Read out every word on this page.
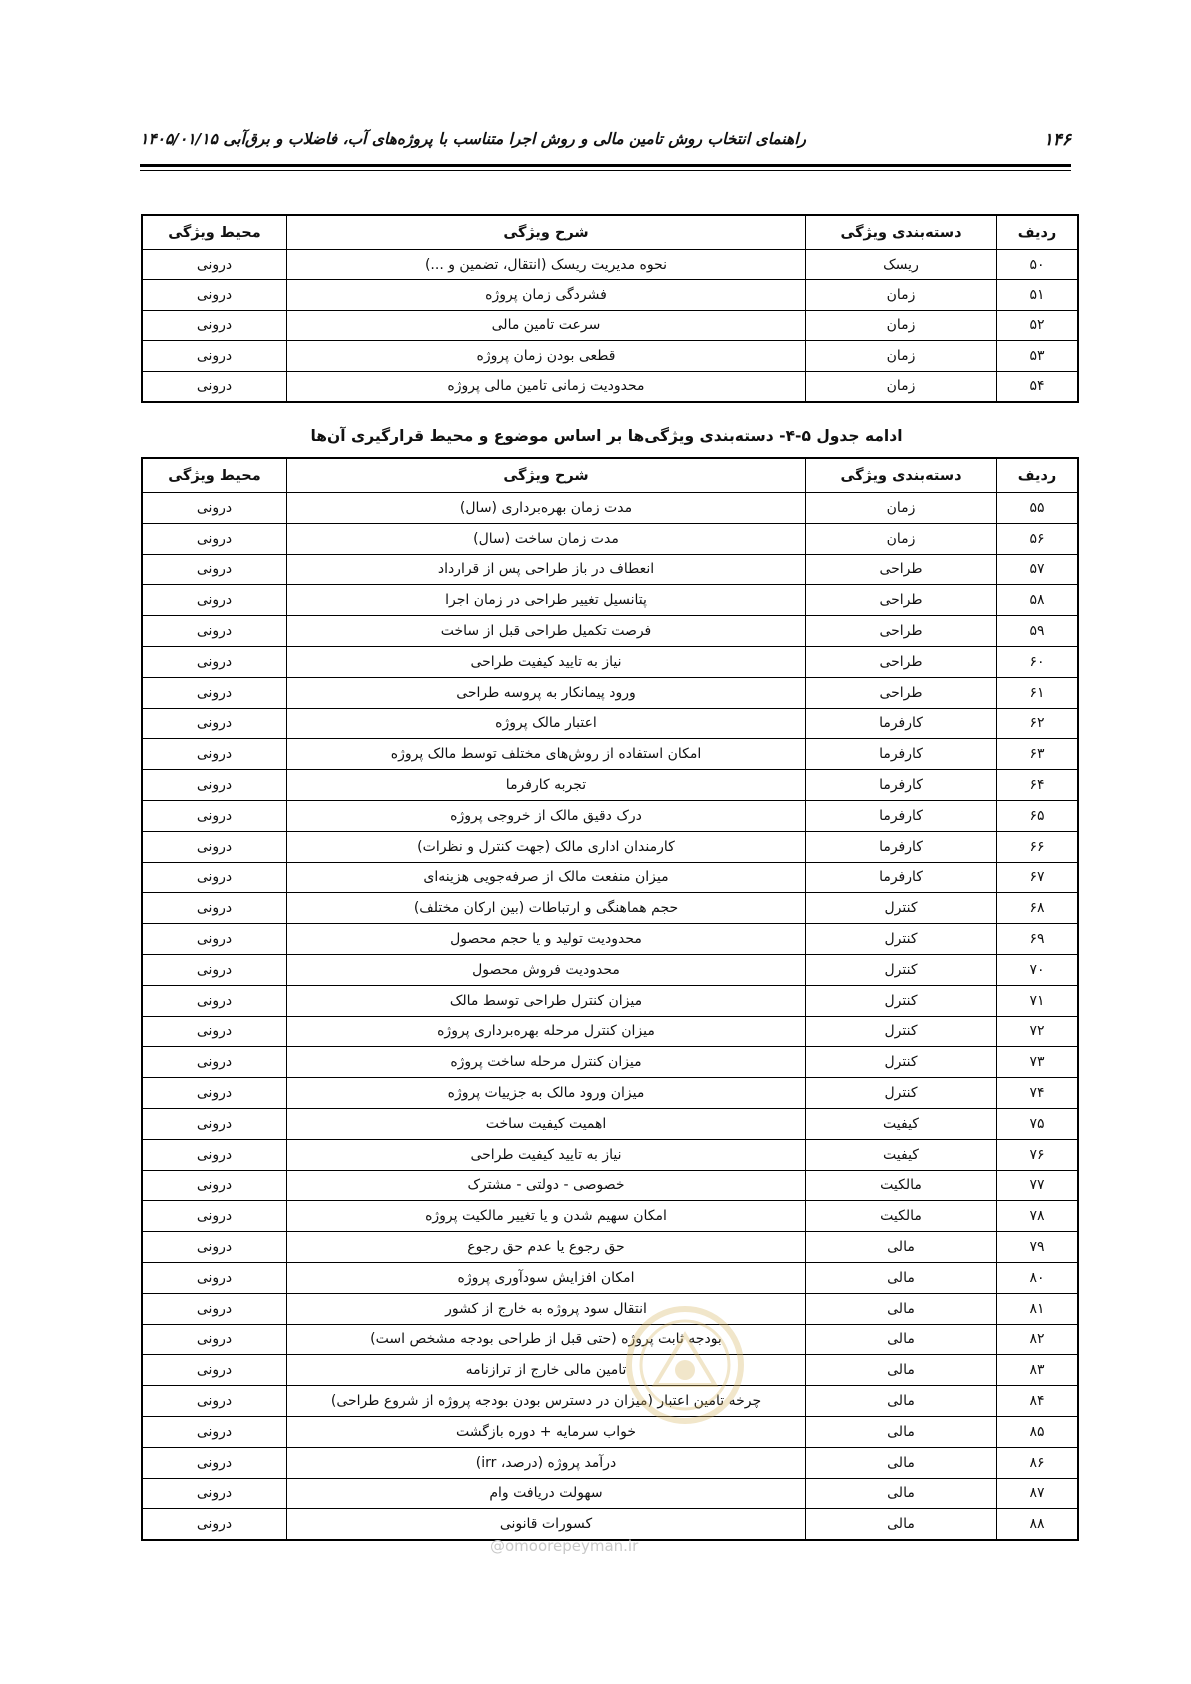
۱۴۶
راهنمای انتخاب روش تامین مالی و روش اجرا متناسب با پروژه‌های آب، فاضلاب و برق‌آبی ۱۴۰۵/۰۱/۱۵
ردیف	دسته‌بندی ویژگی	شرح ویژگی	محیط ویژگی
۵۰	ریسک	نحوه مدیریت ریسک (انتقال، تضمین و ...)	درونی
۵۱	زمان	فشردگی زمان پروژه	درونی
۵۲	زمان	سرعت تامین مالی	درونی
۵۳	زمان	قطعی بودن زمان پروژه	درونی
۵۴	زمان	محدودیت زمانی تامین مالی پروژه	درونی
ادامه جدول ۵-۴- دسته‌بندی ویژگی‌ها بر اساس موضوع و محیط قرارگیری آن‌ها
ردیف	دسته‌بندی ویژگی	شرح ویژگی	محیط ویژگی
۵۵	زمان	مدت زمان بهره‌برداری (سال)	درونی
۵۶	زمان	مدت زمان ساخت (سال)	درونی
۵۷	طراحی	انعطاف در باز طراحی پس از قرارداد	درونی
۵۸	طراحی	پتانسیل تغییر طراحی در زمان اجرا	درونی
۵۹	طراحی	فرصت تکمیل طراحی قبل از ساخت	درونی
۶۰	طراحی	نیاز به تایید کیفیت طراحی	درونی
۶۱	طراحی	ورود پیمانکار به پروسه طراحی	درونی
۶۲	کارفرما	اعتبار مالک پروژه	درونی
۶۳	کارفرما	امکان استفاده از روش‌های مختلف توسط مالک پروژه	درونی
۶۴	کارفرما	تجربه کارفرما	درونی
۶۵	کارفرما	درک دقیق مالک از خروجی پروژه	درونی
۶۶	کارفرما	کارمندان اداری مالک (جهت کنترل و نظرات)	درونی
۶۷	کارفرما	میزان منفعت مالک از صرفه‌جویی هزینه‌ای	درونی
۶۸	کنترل	حجم هماهنگی و ارتباطات (بین ارکان مختلف)	درونی
۶۹	کنترل	محدودیت تولید و یا حجم محصول	درونی
۷۰	کنترل	محدودیت فروش محصول	درونی
۷۱	کنترل	میزان کنترل طراحی توسط مالک	درونی
۷۲	کنترل	میزان کنترل مرحله بهره‌برداری پروژه	درونی
۷۳	کنترل	میزان کنترل مرحله ساخت پروژه	درونی
۷۴	کنترل	میزان ورود مالک به جزییات پروژه	درونی
۷۵	کیفیت	اهمیت کیفیت ساخت	درونی
۷۶	کیفیت	نیاز به تایید کیفیت طراحی	درونی
۷۷	مالکیت	خصوصی - دولتی - مشترک	درونی
۷۸	مالکیت	امکان سهیم شدن و یا تغییر مالکیت پروژه	درونی
۷۹	مالی	حق رجوع یا عدم حق رجوع	درونی
۸۰	مالی	امکان افزایش سودآوری پروژه	درونی
۸۱	مالی	انتقال سود پروژه به خارج از کشور	درونی
۸۲	مالی	بودجه ثابت پروژه (حتی قبل از طراحی بودجه مشخص است)	درونی
۸۳	مالی	تامین مالی خارج از ترازنامه	درونی
۸۴	مالی	چرخه تامین اعتبار (میزان در دسترس بودن بودجه پروژه از شروع طراحی)	درونی
۸۵	مالی	خواب سرمایه + دوره بازگشت	درونی
۸۶	مالی	درآمد پروژه (درصد، irr)	درونی
۸۷	مالی	سهولت دریافت وام	درونی
۸۸	مالی	کسورات قانونی	درونی
@omoorepeyman.ir
